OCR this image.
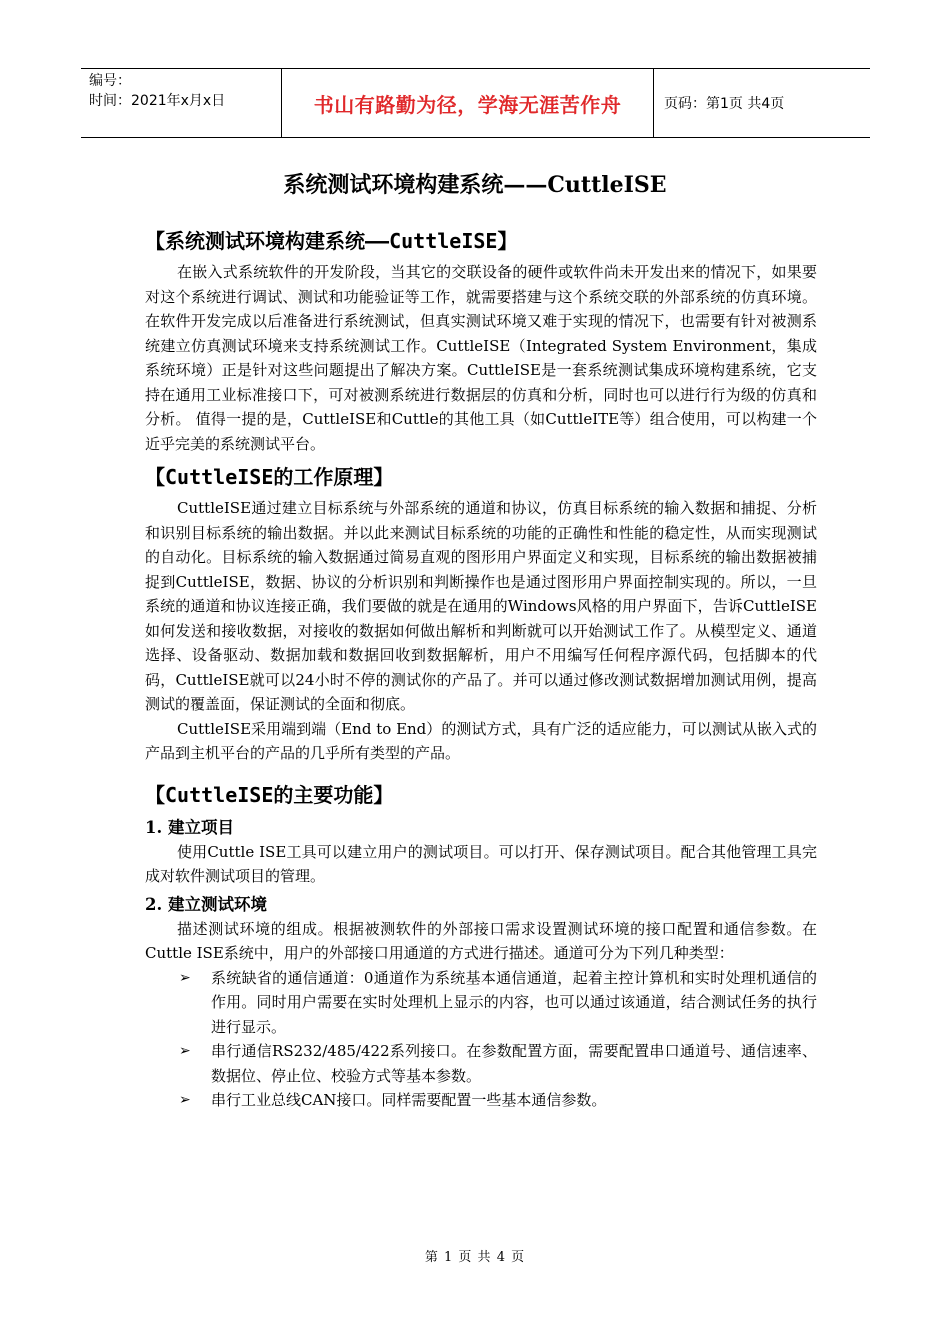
编号：
时间：2021年x月x日	书山有路勤为径，学海无涯苦作舟	页码：第1页 共4页
系统测试环境构建系统——CuttleISE
【系统测试环境构建系统——CuttleISE】

在嵌入式系统软件的开发阶段，当其它的交联设备的硬件或软件尚未开发出来的情况下，如果要对这个系统进行调试、测试和功能验证等工作，就需要搭建与这个系统交联的外部系统的仿真环境。在软件开发完成以后准备进行系统测试，但真实测试环境又难于实现的情况下，也需要有针对被测系统建立仿真测试环境来支持系统测试工作。CuttleISE（Integrated System Environment，集成系统环境）正是针对这些问题提出了解决方案。CuttleISE是一套系统测试集成环境构建系统，它支持在通用工业标准接口下，可对被测系统进行数据层的仿真和分析，同时也可以进行行为级的仿真和分析。 值得一提的是，CuttleISE和Cuttle的其他工具（如CuttleITE等）组合使用，可以构建一个近乎完美的系统测试平台。

【CuttleISE的工作原理】

CuttleISE通过建立目标系统与外部系统的通道和协议，仿真目标系统的输入数据和捕捉、分析和识别目标系统的输出数据。并以此来测试目标系统的功能的正确性和性能的稳定性，从而实现测试的自动化。目标系统的输入数据通过简易直观的图形用户界面定义和实现，目标系统的输出数据被捕捉到CuttleISE，数据、协议的分析识别和判断操作也是通过图形用户界面控制实现的。所以，一旦系统的通道和协议连接正确，我们要做的就是在通用的Windows风格的用户界面下，告诉CuttleISE如何发送和接收数据，对接收的数据如何做出解析和判断就可以开始测试工作了。从模型定义、通道选择、设备驱动、数据加载和数据回收到数据解析，用户不用编写任何程序源代码，包括脚本的代码，CuttleISE就可以24小时不停的测试你的产品了。并可以通过修改测试数据增加测试用例，提高测试的覆盖面，保证测试的全面和彻底。

CuttleISE采用端到端（End to End）的测试方式，具有广泛的适应能力，可以测试从嵌入式的产品到主机平台的产品的几乎所有类型的产品。

【CuttleISE的主要功能】
1. 建立项目

使用Cuttle ISE工具可以建立用户的测试项目。可以打开、保存测试项目。配合其他管理工具完成对软件测试项目的管理。

2. 建立测试环境

描述测试环境的组成。根据被测软件的外部接口需求设置测试环境的接口配置和通信参数。在Cuttle ISE系统中，用户的外部接口用通道的方式进行描述。通道可分为下列几种类型：

➢ 系统缺省的通信通道：0通道作为系统基本通信通道，起着主控计算机和实时处理机通信的作用。同时用户需要在实时处理机上显示的内容，也可以通过该通道，结合测试任务的执行进行显示。
➢ 串行通信RS232/485/422系列接口。在参数配置方面，需要配置串口通道号、通信速率、数据位、停止位、校验方式等基本参数。
➢ 串行工业总线CAN接口。同样需要配置一些基本通信参数。
第 1 页 共 4 页
